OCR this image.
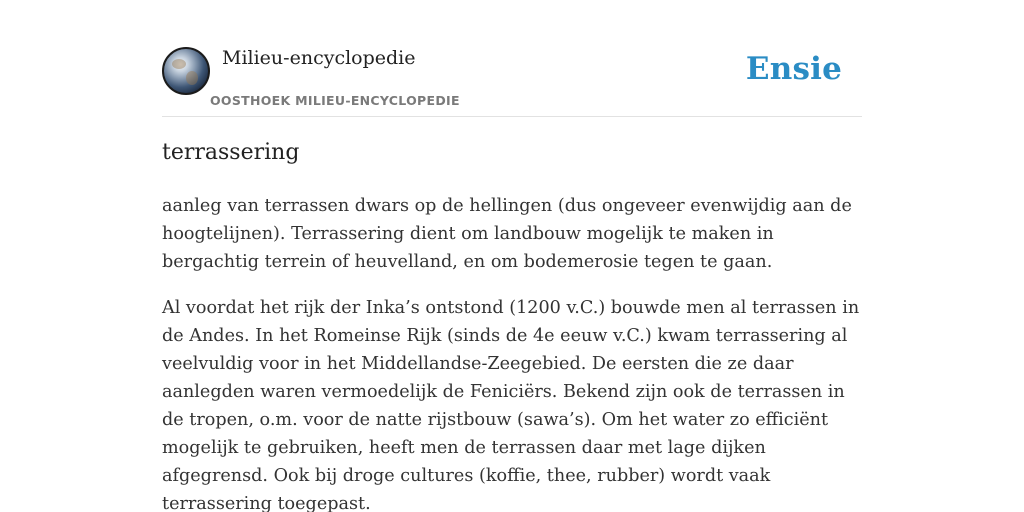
Milieu-encyclopedie
OOSTHOEK MILIEU-ENCYCLOPEDIE
Ensie
terrassering

aanleg van terrassen dwars op de hellingen (dus ongeveer evenwijdig aan de hoogtelijnen). Terrassering dient om landbouw mogelijk te maken in bergachtig terrein of heuvelland, en om bodemerosie tegen te gaan.

Al voordat het rijk der Inka’s ontstond (1200 v.C.) bouwde men al terrassen in de Andes. In het Romeinse Rijk (sinds de 4e eeuw v.C.) kwam terrassering al veelvuldig voor in het Middellandse-Zeegebied. De eersten die ze daar aanlegden waren vermoedelijk de Feniciërs. Bekend zijn ook de terrassen in de tropen, o.m. voor de natte rijstbouw (sawa’s). Om het water zo efficiënt mogelijk te gebruiken, heeft men de terrassen daar met lage dijken afgegrensd. Ook bij droge cultures (koffie, thee, rubber) wordt vaak terrassering toegepast.
